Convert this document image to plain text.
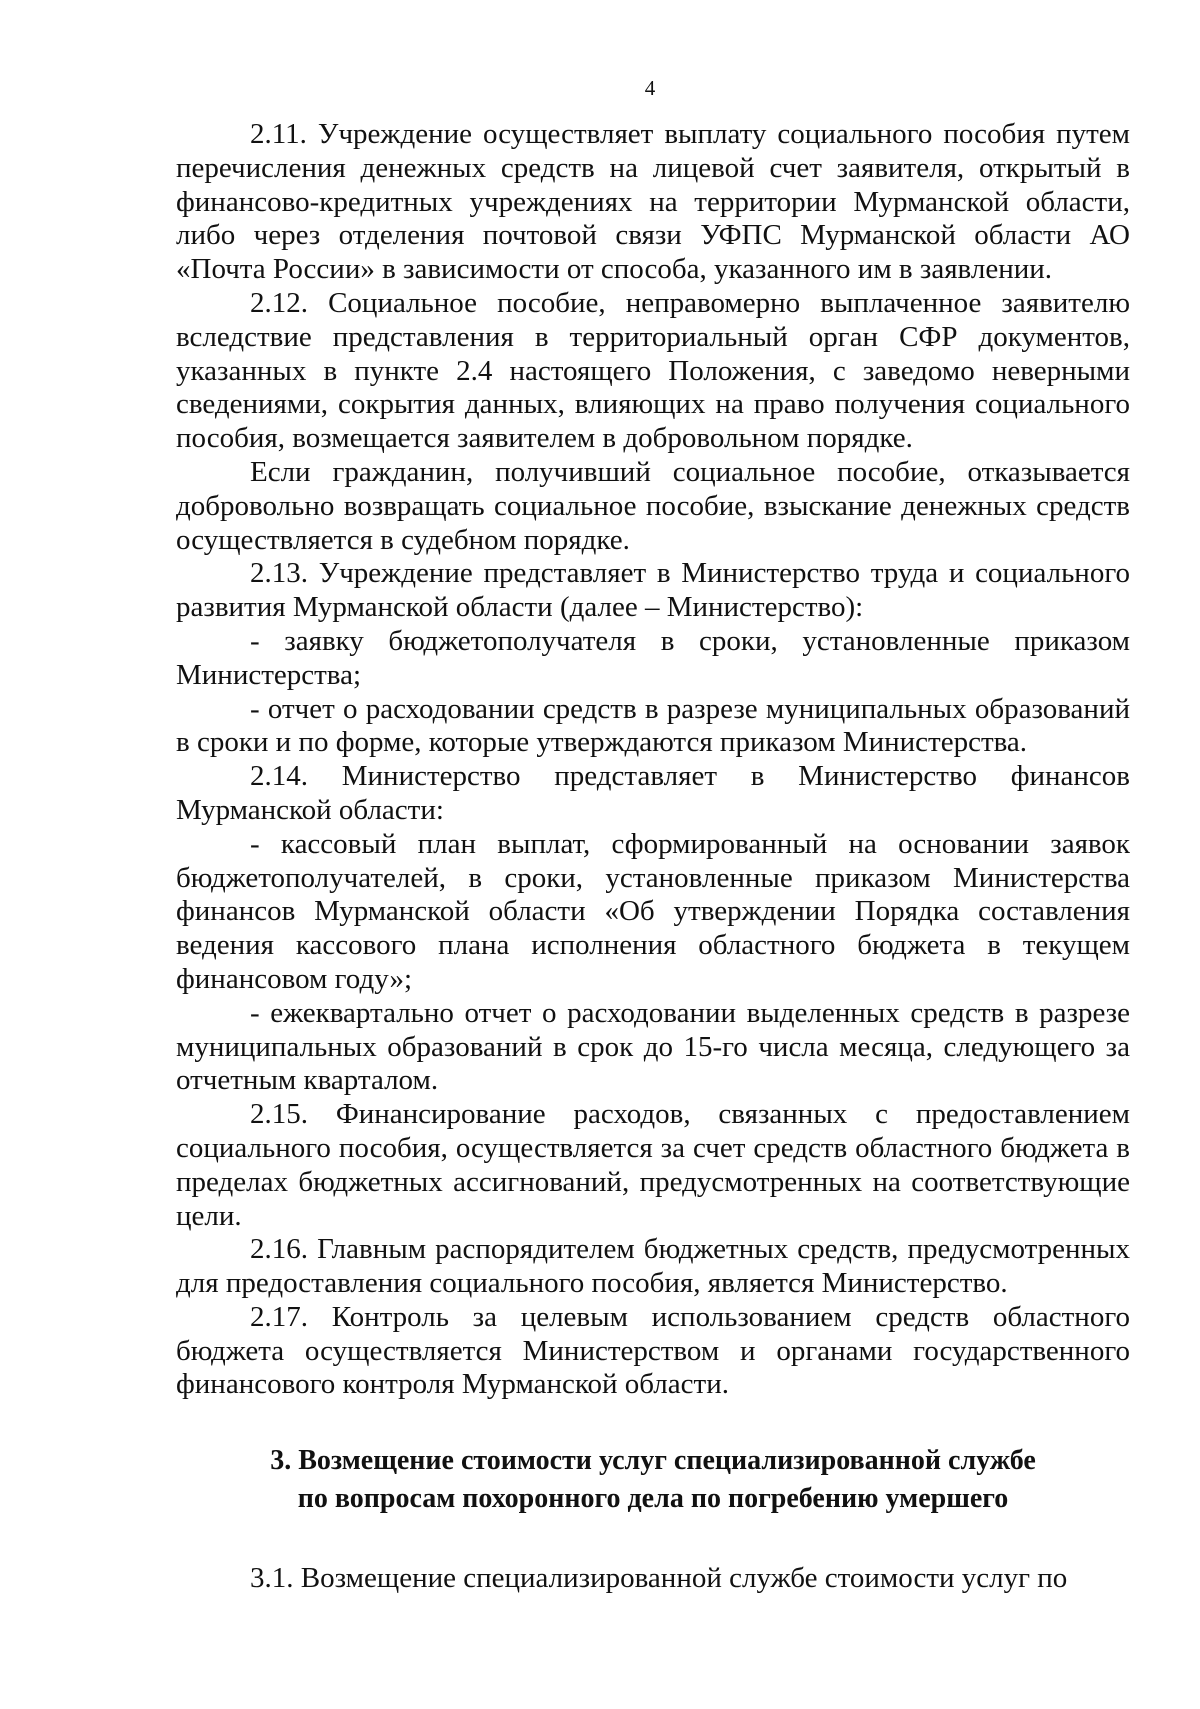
4

2.11. Учреждение осуществляет выплату социального пособия путем перечисления денежных средств на лицевой счет заявителя, открытый в финансово-кредитных учреждениях на территории Мурманской области, либо через отделения почтовой связи УФПС Мурманской области АО «Почта России» в зависимости от способа, указанного им в заявлении.

2.12. Социальное пособие, неправомерно выплаченное заявителю вследствие представления в территориальный орган СФР документов, указанных в пункте 2.4 настоящего Положения, с заведомо неверными сведениями, сокрытия данных, влияющих на право получения социального пособия, возмещается заявителем в добровольном порядке.

Если гражданин, получивший социальное пособие, отказывается добровольно возвращать социальное пособие, взыскание денежных средств осуществляется в судебном порядке.

2.13. Учреждение представляет в Министерство труда и социального развития Мурманской области (далее – Министерство):

- заявку бюджетополучателя в сроки, установленные приказом Министерства;

- отчет о расходовании средств в разрезе муниципальных образований в сроки и по форме, которые утверждаются приказом Министерства.

2.14. Министерство представляет в Министерство финансов Мурманской области:

- кассовый план выплат, сформированный на основании заявок бюджетополучателей, в сроки, установленные приказом Министерства финансов Мурманской области «Об утверждении Порядка составления ведения кассового плана исполнения областного бюджета в текущем финансовом году»;

- ежеквартально отчет о расходовании выделенных средств в разрезе муниципальных образований в срок до 15-го числа месяца, следующего за отчетным кварталом.

2.15. Финансирование расходов, связанных с предоставлением социального пособия, осуществляется за счет средств областного бюджета в пределах бюджетных ассигнований, предусмотренных на соответствующие цели.

2.16. Главным распорядителем бюджетных средств, предусмотренных для предоставления социального пособия, является Министерство.

2.17. Контроль за целевым использованием средств областного бюджета осуществляется Министерством и органами государственного финансового контроля Мурманской области.

3. Возмещение стоимости услуг специализированной службе
по вопросам похоронного дела по погребению умершего

3.1. Возмещение специализированной службе стоимости услуг по
